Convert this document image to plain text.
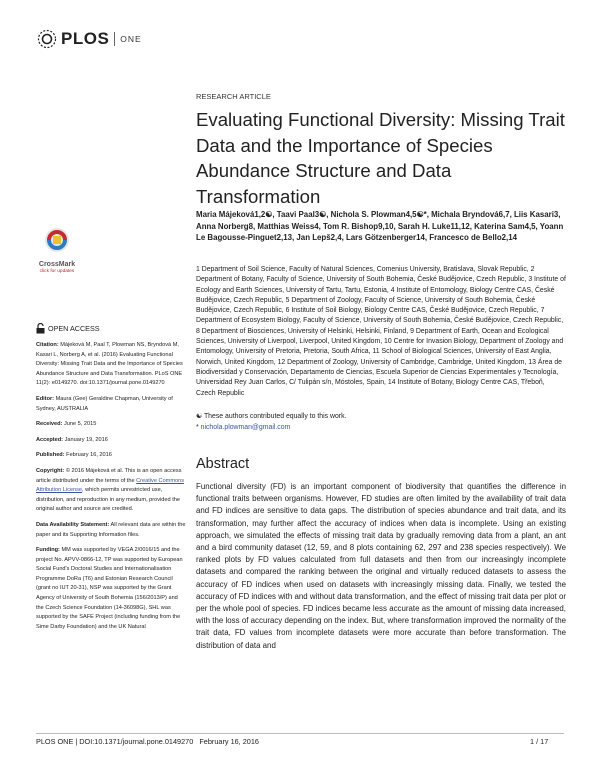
PLOS ONE
RESEARCH ARTICLE
Evaluating Functional Diversity: Missing Trait Data and the Importance of Species Abundance Structure and Data Transformation
Maria Májeková1,2☯, Taavi Paal3☯, Nichola S. Plowman4,5☯*, Michala Bryndová6,7, Liis Kasari3, Anna Norberg8, Matthias Weiss4, Tom R. Bishop9,10, Sarah H. Luke11,12, Katerina Sam4,5, Yoann Le Bagousse-Pinguet2,13, Jan Lepš2,4, Lars Götzenberger14, Francesco de Bello2,14
1 Department of Soil Science, Faculty of Natural Sciences, Comenius University, Bratislava, Slovak Republic, 2 Department of Botany, Faculty of Science, University of South Bohemia, České Budějovice, Czech Republic, 3 Institute of Ecology and Earth Sciences, University of Tartu, Tartu, Estonia, 4 Institute of Entomology, Biology Centre CAS, České Budějovice, Czech Republic, 5 Department of Zoology, Faculty of Science, University of South Bohemia, České Budějovice, Czech Republic, 6 Institute of Soil Biology, Biology Centre CAS, České Budějovice, Czech Republic, 7 Department of Ecosystem Biology, Faculty of Science, University of South Bohemia, České Budějovice, Czech Republic, 8 Department of Biosciences, University of Helsinki, Helsinki, Finland, 9 Department of Earth, Ocean and Ecological Sciences, University of Liverpool, Liverpool, United Kingdom, 10 Centre for Invasion Biology, Department of Zoology and Entomology, University of Pretoria, Pretoria, South Africa, 11 School of Biological Sciences, University of East Anglia, Norwich, United Kingdom, 12 Department of Zoology, University of Cambridge, Cambridge, United Kingdom, 13 Área de Biodiversidad y Conservación, Departamento de Ciencias, Escuela Superior de Ciencias Experimentales y Tecnología, Universidad Rey Juan Carlos, C/ Tulipán s/n, Móstoles, Spain, 14 Institute of Botany, Biology Centre CAS, Třeboň, Czech Republic
☯ These authors contributed equally to this work.
* nichola.plowman@gmail.com
Abstract
Functional diversity (FD) is an important component of biodiversity that quantifies the difference in functional traits between organisms. However, FD studies are often limited by the availability of trait data and FD indices are sensitive to data gaps. The distribution of species abundance and trait data, and its transformation, may further affect the accuracy of indices when data is incomplete. Using an existing approach, we simulated the effects of missing trait data by gradually removing data from a plant, an ant and a bird community dataset (12, 59, and 8 plots containing 62, 297 and 238 species respectively). We ranked plots by FD values calculated from full datasets and then from our increasingly incomplete datasets and compared the ranking between the original and virtually reduced datasets to assess the accuracy of FD indices when used on datasets with increasingly missing data. Finally, we tested the accuracy of FD indices with and without data transformation, and the effect of missing trait data per plot or per the whole pool of species. FD indices became less accurate as the amount of missing data increased, with the loss of accuracy depending on the index. But, where transformation improved the normality of the trait data, FD values from incomplete datasets were more accurate than before transformation. The distribution of data and
CrossMark
click for updates
OPEN ACCESS
Citation: Májeková M, Paal T, Plowman NS, Bryndová M, Kasari L, Norberg A, et al. (2016) Evaluating Functional Diversity: Missing Trait Data and the Importance of Species Abundance Structure and Data Transformation. PLoS ONE 11(2): e0149270. doi:10.1371/journal.pone.0149270
Editor: Maura (Gee) Geraldine Chapman, University of Sydney, AUSTRALIA
Received: June 5, 2015
Accepted: January 19, 2016
Published: February 16, 2016
Copyright: © 2016 Májeková et al. This is an open access article distributed under the terms of the Creative Commons Attribution License, which permits unrestricted use, distribution, and reproduction in any medium, provided the original author and source are credited.
Data Availability Statement: All relevant data are within the paper and its Supporting Information files.
Funding: MM was supported by VEGA 2/0016/15 and the project No. APVV-0866-12, TP was supported by European Social Fund's Doctoral Studies and Internationalisation Programme DoRa (T6) and Estonian Research Council (grant no IUT 20-31), NSP was supported by the Grant Agency of University of South Bohemia (156/2013/P) and the Czech Science Foundation (14-36098G), SHL was supported by the SAFE Project (including funding from the Sime Darby Foundation) and the UK Natural
PLOS ONE | DOI:10.1371/journal.pone.0149270   February 16, 2016	1 / 17
